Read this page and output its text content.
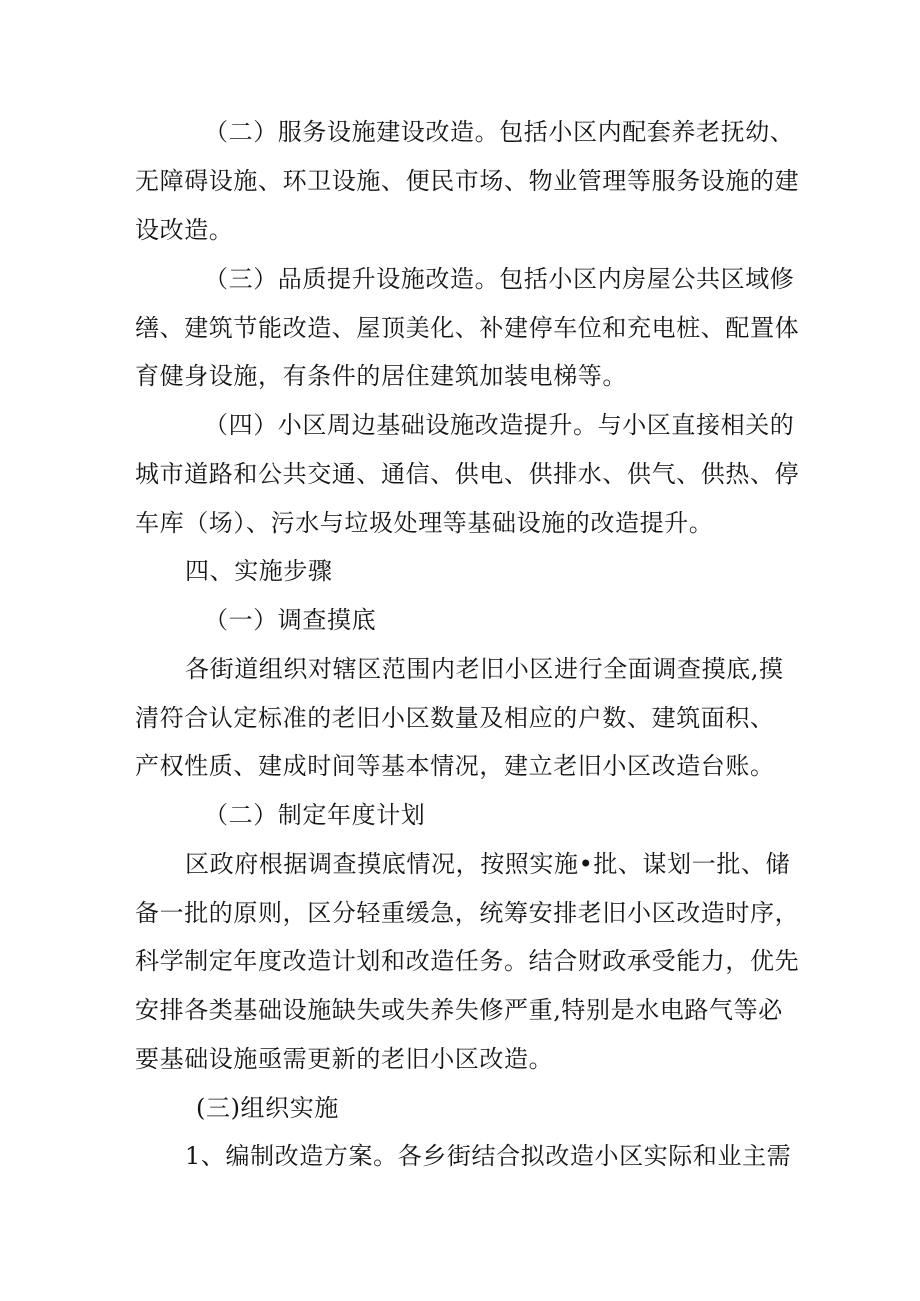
（二）服务设施建设改造。包括小区内配套养老抚幼、
无障碍设施、环卫设施、便民市场、物业管理等服务设施的建
设改造。
（三）品质提升设施改造。包括小区内房屋公共区域修
缮、建筑节能改造、屋顶美化、补建停车位和充电桩、配置体
育健身设施，有条件的居住建筑加装电梯等。
（四）小区周边基础设施改造提升。与小区直接相关的
城市道路和公共交通、通信、供电、供排水、供气、供热、停
车库（场）、污水与垃圾处理等基础设施的改造提升。
四、实施步骤
（一）调查摸底
各街道组织对辖区范围内老旧小区进行全面调查摸底,摸
清符合认定标准的老旧小区数量及相应的户数、建筑面积、
产权性质、建成时间等基本情况，建立老旧小区改造台账。
（二）制定年度计划
区政府根据调查摸底情况，按照实施•批、谋划一批、储
备一批的原则，区分轻重缓急，统筹安排老旧小区改造时序，
科学制定年度改造计划和改造任务。结合财政承受能力，优先
安排各类基础设施缺失或失养失修严重,特别是水电路气等必
要基础设施亟需更新的老旧小区改造。
(三)组织实施
1、编制改造方案。各乡街结合拟改造小区实际和业主需
